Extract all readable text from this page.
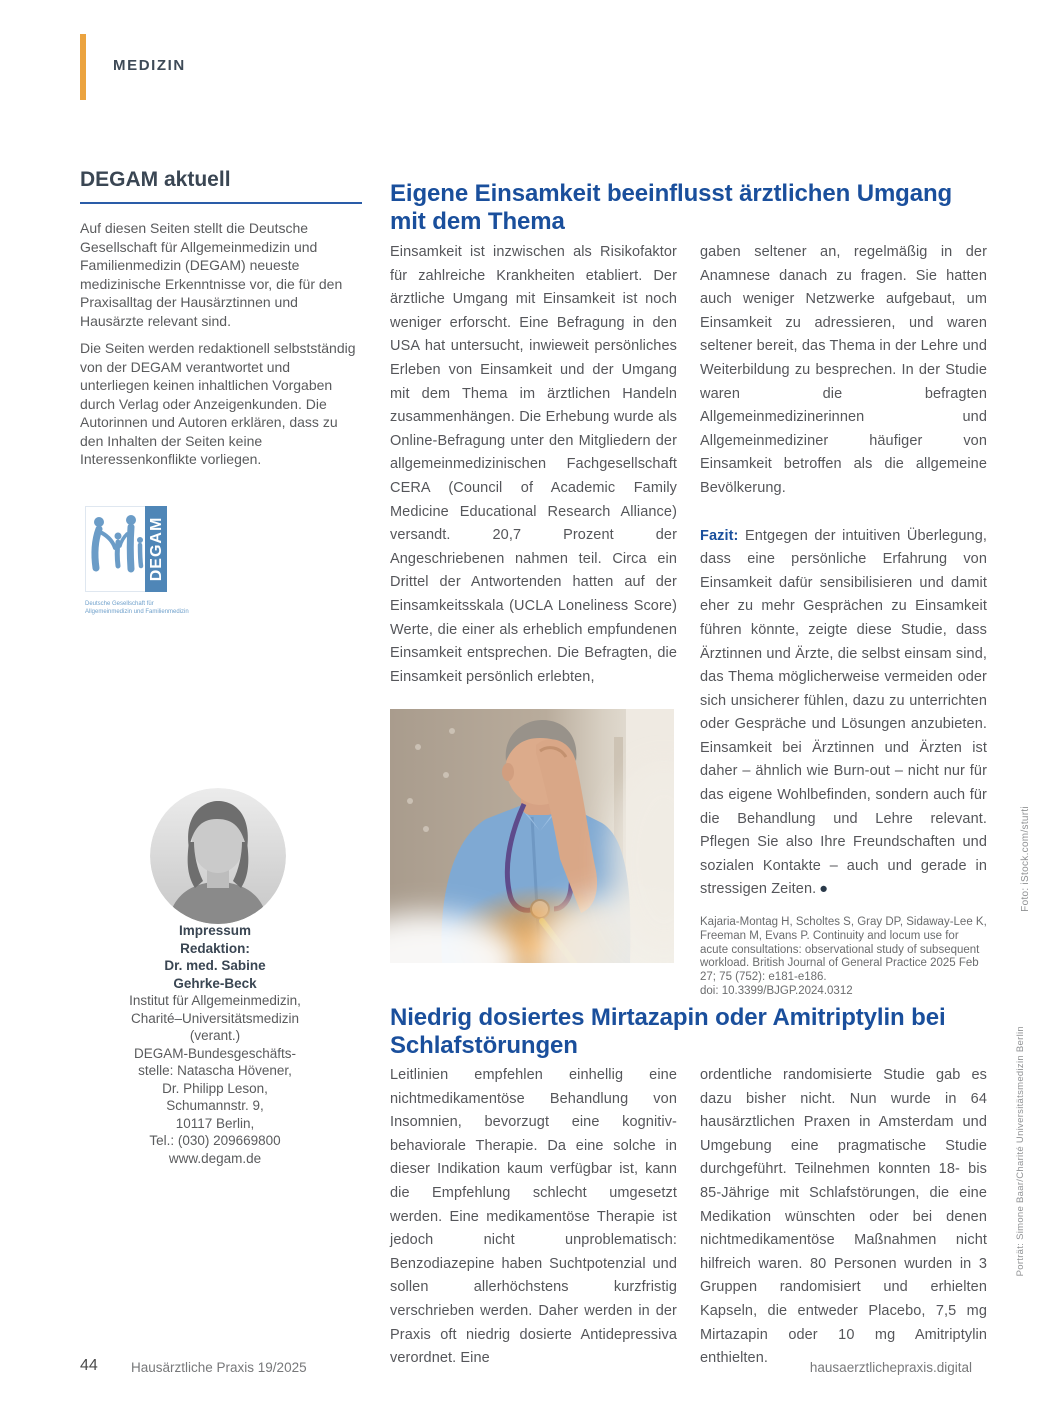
MEDIZIN
DEGAM aktuell

Auf diesen Seiten stellt die Deutsche Gesellschaft für Allgemeinmedizin und Familienmedizin (DEGAM) neueste medizinische Erkenntnisse vor, die für den Praxisalltag der Hausärztinnen und Hausärzte relevant sind.

Die Seiten werden redaktionell selbstständig von der DEGAM verantwortet und unterliegen keinen inhaltlichen Vorgaben durch Verlag oder Anzeigenkunden. Die Autorinnen und Autoren erklären, dass zu den Inhalten der Seiten keine Interessenkonflikte vorliegen.

DEGAM
Deutsche Gesellschaft für
Allgemeinmedizin und Familienmedizin
Impressum
Redaktion:
Dr. med. Sabine
Gehrke-Beck
Institut für Allgemeinmedizin,
Charité–Universitätsmedizin
(verant.)
DEGAM-Bundesgeschäfts-
stelle: Natascha Hövener,
Dr. Philipp Leson,
Schumannstr. 9,
10117 Berlin,
Tel.: (030) 209669800
www.degam.de
Eigene Einsamkeit beeinflusst ärztlichen Umgang mit dem Thema

Einsamkeit ist inzwischen als Risikofaktor für zahlreiche Krankheiten etabliert. Der ärztliche Umgang mit Einsamkeit ist noch weniger erforscht. Eine Befragung in den USA hat untersucht, inwieweit persönliches Erleben von Einsamkeit und der Umgang mit dem Thema im ärztlichen Handeln zusammenhängen. Die Erhebung wurde als Online-Befragung unter den Mitgliedern der allgemeinmedizinischen Fachgesellschaft CERA (Council of Academic Family Medicine Educational Research Alliance) versandt. 20,7 Prozent der Angeschriebenen nahmen teil. Circa ein Drittel der Antwortenden hatten auf der Einsamkeitsskala (UCLA Loneliness Score) Werte, die einer als erheblich empfundenen Einsamkeit entsprechen. Die Befragten, die Einsamkeit persönlich erlebten,

gaben seltener an, regelmäßig in der Anamnese danach zu fragen. Sie hatten auch weniger Netzwerke aufgebaut, um Einsamkeit zu adressieren, und waren seltener bereit, das Thema in der Lehre und Weiterbildung zu besprechen. In der Studie waren die befragten Allgemeinmedizinerinnen und Allgemeinmediziner häufiger von Einsamkeit betroffen als die allgemeine Bevölkerung.

Fazit: Entgegen der intuitiven Überlegung, dass eine persönliche Erfahrung von Einsamkeit dafür sensibilisieren und damit eher zu mehr Gesprächen zu Einsamkeit führen könnte, zeigte diese Studie, dass Ärztinnen und Ärzte, die selbst einsam sind, das Thema möglicherweise vermeiden oder sich unsicherer fühlen, dazu zu unterrichten oder Gespräche und Lösungen anzubieten. Einsamkeit bei Ärztinnen und Ärzten ist daher – ähnlich wie Burn-out – nicht nur für das eigene Wohlbefinden, sondern auch für die Behandlung und Lehre relevant. Pflegen Sie also Ihre Freundschaften und sozialen Kontakte – auch und gerade in stressigen Zeiten. ●

Kajaria-Montag H, Scholtes S, Gray DP, Sidaway-Lee K, Freeman M, Evans P. Continuity and locum use for acute consultations: observational study of subsequent workload. British Journal of General Practice 2025 Feb 27; 75 (752): e181-e186.
doi: 10.3399/BJGP.2024.0312
Niedrig dosiertes Mirtazapin oder Amitriptylin bei Schlafstörungen

Leitlinien empfehlen einhellig eine nichtmedikamentöse Behandlung von Insomnien, bevorzugt eine kognitiv-behaviorale Therapie. Da eine solche in dieser Indikation kaum verfügbar ist, kann die Empfehlung schlecht umgesetzt werden. Eine medikamentöse Therapie ist jedoch nicht unproblematisch: Benzodiazepine haben Suchtpotenzial und sollen allerhöchstens kurzfristig verschrieben werden. Daher werden in der Praxis oft niedrig dosierte Antidepressiva verordnet. Eine

ordentliche randomisierte Studie gab es dazu bisher nicht. Nun wurde in 64 hausärztlichen Praxen in Amsterdam und Umgebung eine pragmatische Studie durchgeführt. Teilnehmen konnten 18- bis 85-Jährige mit Schlafstörungen, die eine Medikation wünschten oder bei denen nichtmedikamentöse Maßnahmen nicht hilfreich waren. 80 Personen wurden in 3 Gruppen randomisiert und erhielten Kapseln, die entweder Placebo, 7,5 mg Mirtazapin oder 10 mg Amitriptylin enthielten.

Foto: iStock.com/sturti
Porträt: Simone Baar/Charité Universitätsmedizin Berlin
44 Hausärztliche Praxis 19/2025	hausaerztlichepraxis.digital
